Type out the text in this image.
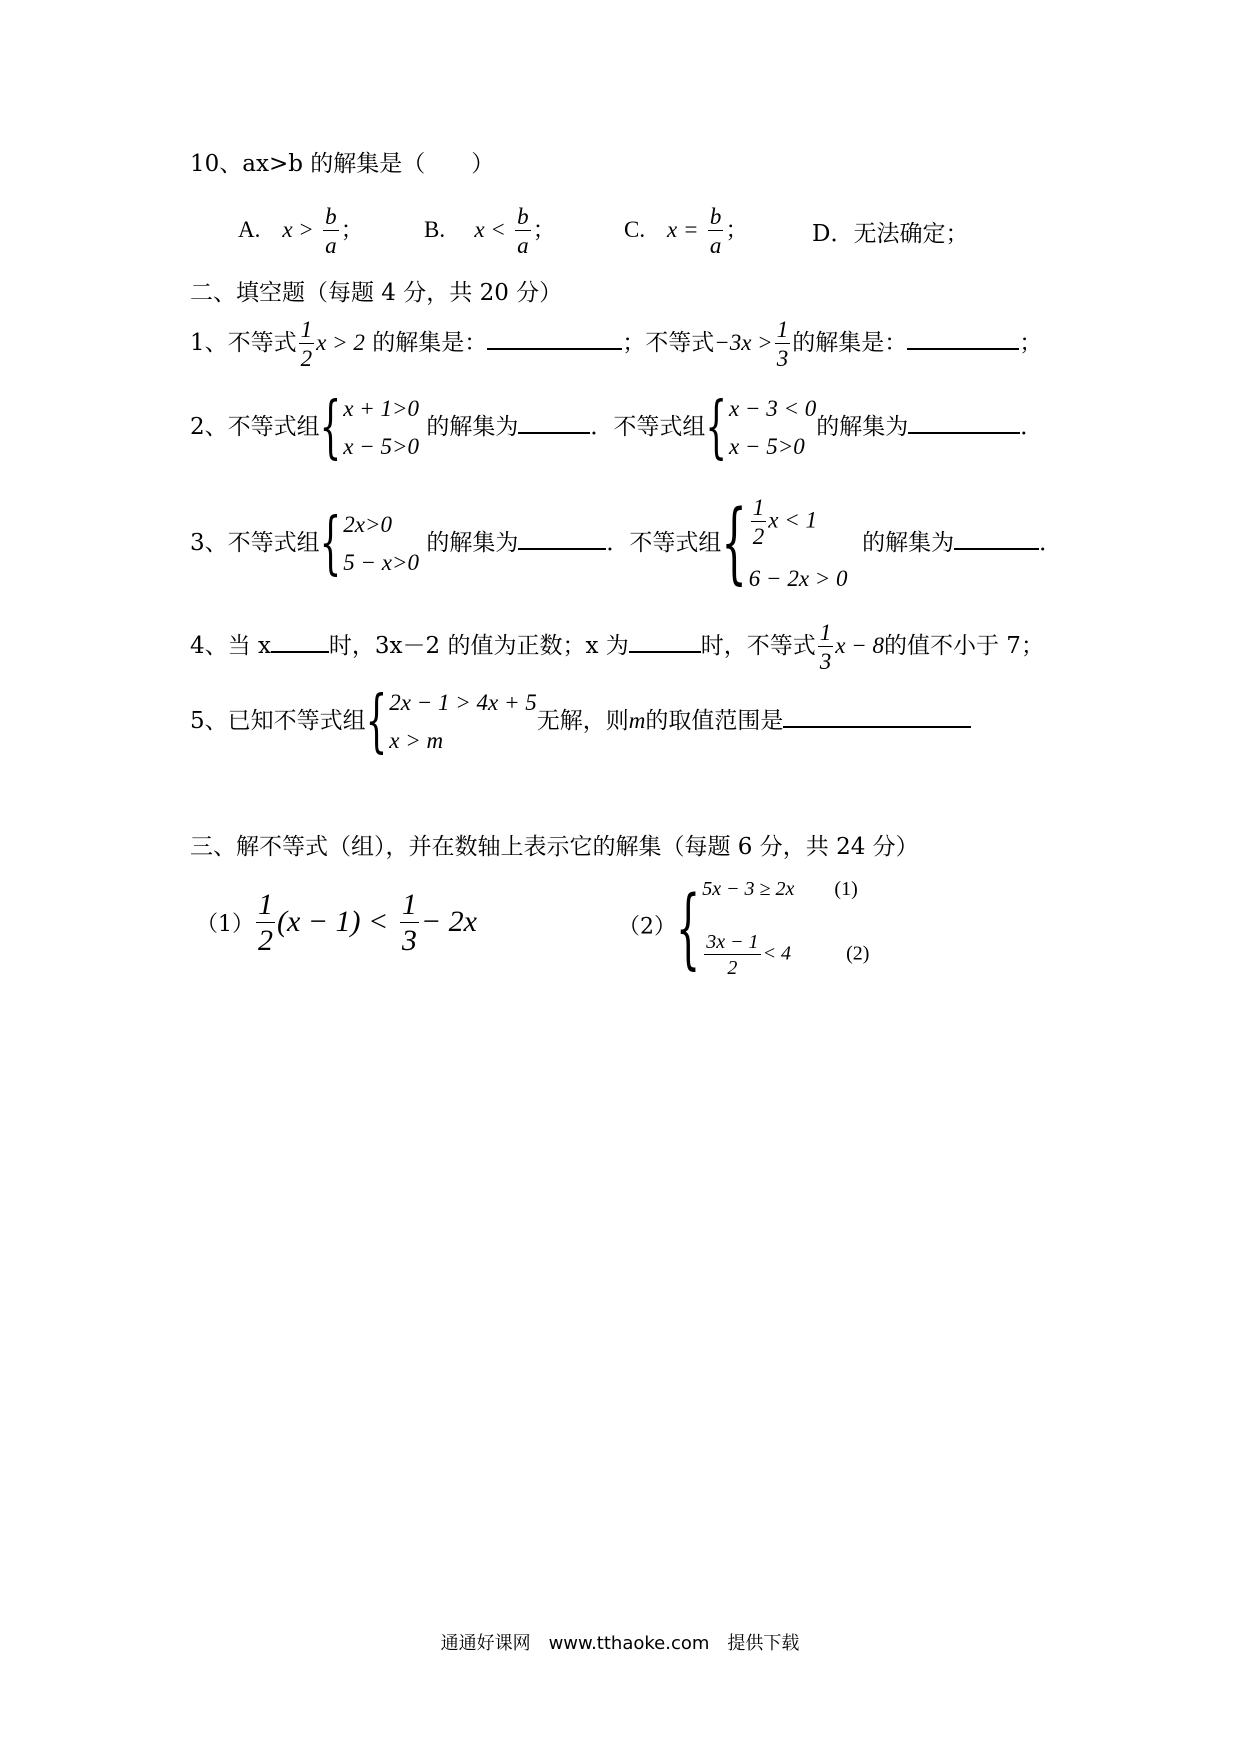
10、ax>b 的解集是（　　）
A. $x > \frac{b}{a}$ ；	B. $x < \frac{b}{a}$ ；	C. $x = \frac{b}{a}$ ；	D．无法确定；
二、填空题（每题 4 分，共 20 分）
1、不等式 $\frac{1}{2}$ x > 2 的解集是：	；不等式$-3x > \frac{1}{3}$ 的解集是：	；
2、不等式组 { x + 1>0
x − 5>0
的解集为	．不等式组 { x − 3 < 0
x − 5>0
的解集为	．
3、不等式组 { 2x>0
5 − x>0
的解集为	．不等式组 { $\frac{1}{2}$ x < 1
6 − 2x > 0
的解集为	．
4、当 x	时，3x－2 的值为正数；x 为	时，不等式 $\frac{1}{3}$ x − 8的值不小于 7；
5、已知不等式组 { 2x − 1 > 4x + 5
x > m
无解，则m的取值范围是
三、解不等式（组），并在数轴上表示它的解集（每题 6 分，共 24 分）
$(1) \frac{1}{2} (x - 1) < \frac{1}{3} - 2x$	（2） { 5x − 3 ≥ 2x (1)
$\frac{3x - 1}{2} < 4$	(2)
通通好课网　www.tthaoke.com　提供下载
